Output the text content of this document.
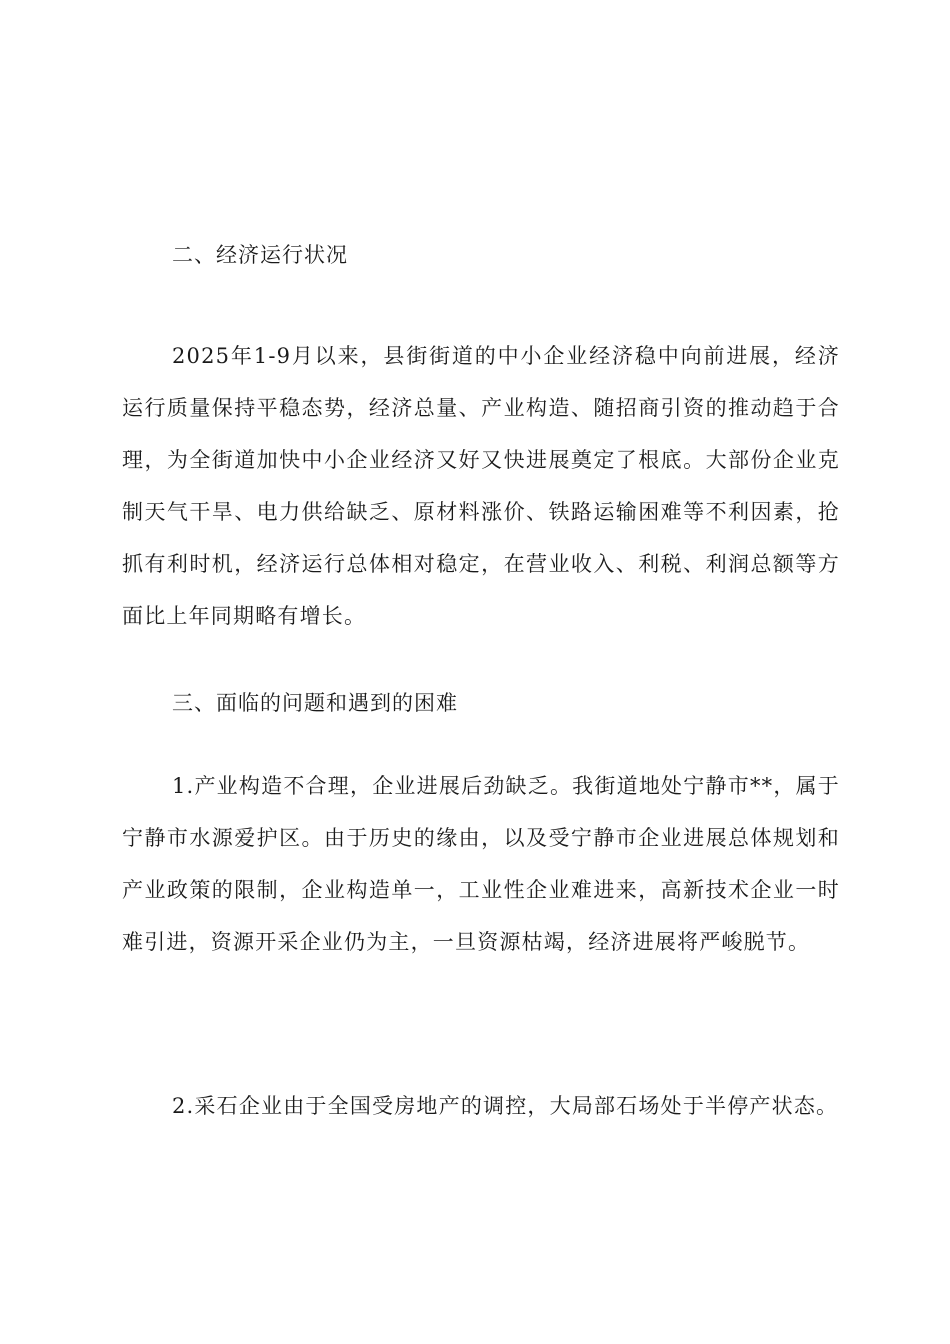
二、经济运行状况

2025年1-9月以来，县街街道的中小企业经济稳中向前进展，经济运行质量保持平稳态势，经济总量、产业构造、随招商引资的推动趋于合理，为全街道加快中小企业经济又好又快进展奠定了根底。大部份企业克制天气干旱、电力供给缺乏、原材料涨价、铁路运输困难等不利因素，抢抓有利时机，经济运行总体相对稳定，在营业收入、利税、利润总额等方面比上年同期略有增长。

三、面临的问题和遇到的困难

1.产业构造不合理，企业进展后劲缺乏。我街道地处宁静市**，属于宁静市水源爱护区。由于历史的缘由，以及受宁静市企业进展总体规划和产业政策的限制，企业构造单一，工业性企业难进来，高新技术企业一时难引进，资源开采企业仍为主，一旦资源枯竭，经济进展将严峻脱节。

2.采石企业由于全国受房地产的调控，大局部石场处于半停产状态。
